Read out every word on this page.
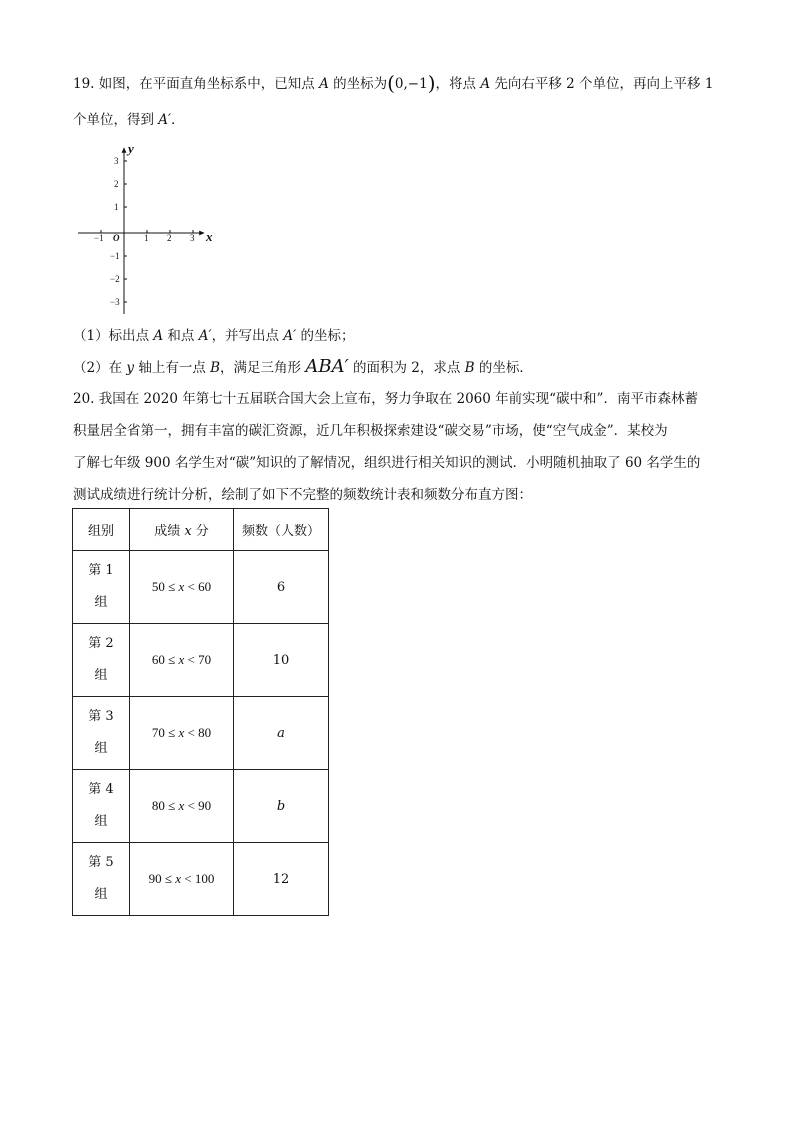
19. 如图，在平面直角坐标系中，已知点 A 的坐标为(0,−1)，将点 A 先向右平移 2 个单位，再向上平移 1
个单位，得到 A′．
−1	1 2 3
3
2
1
−1
−2
−3
O	x
y
（1）标出点 A 和点 A′，并写出点 A′ 的坐标；
（2）在 y 轴上有一点 B，满足三角形 ABA′ 的面积为 2，求点 B 的坐标．
20. 我国在 2020 年第七十五届联合国大会上宣布，努力争取在 2060 年前实现“碳中和”．南平市森林蓄
积量居全省第一，拥有丰富的碳汇资源，近几年积极探索建设“碳交易”市场，使“空气成金”．某校为
了解七年级 900 名学生对“碳”知识的了解情况，组织进行相关知识的测试．小明随机抽取了 60 名学生的
测试成绩进行统计分析，绘制了如下不完整的频数统计表和频数分布直方图：
组别	成绩 x 分	频数（人数）

第 1
组	50 ≤ x < 60	6

第 2
组	60 ≤ x < 70	10

第 3
组	70 ≤ x < 80	a

第 4
组	80 ≤ x < 90	b

第 5
组	90 ≤ x < 100	12
